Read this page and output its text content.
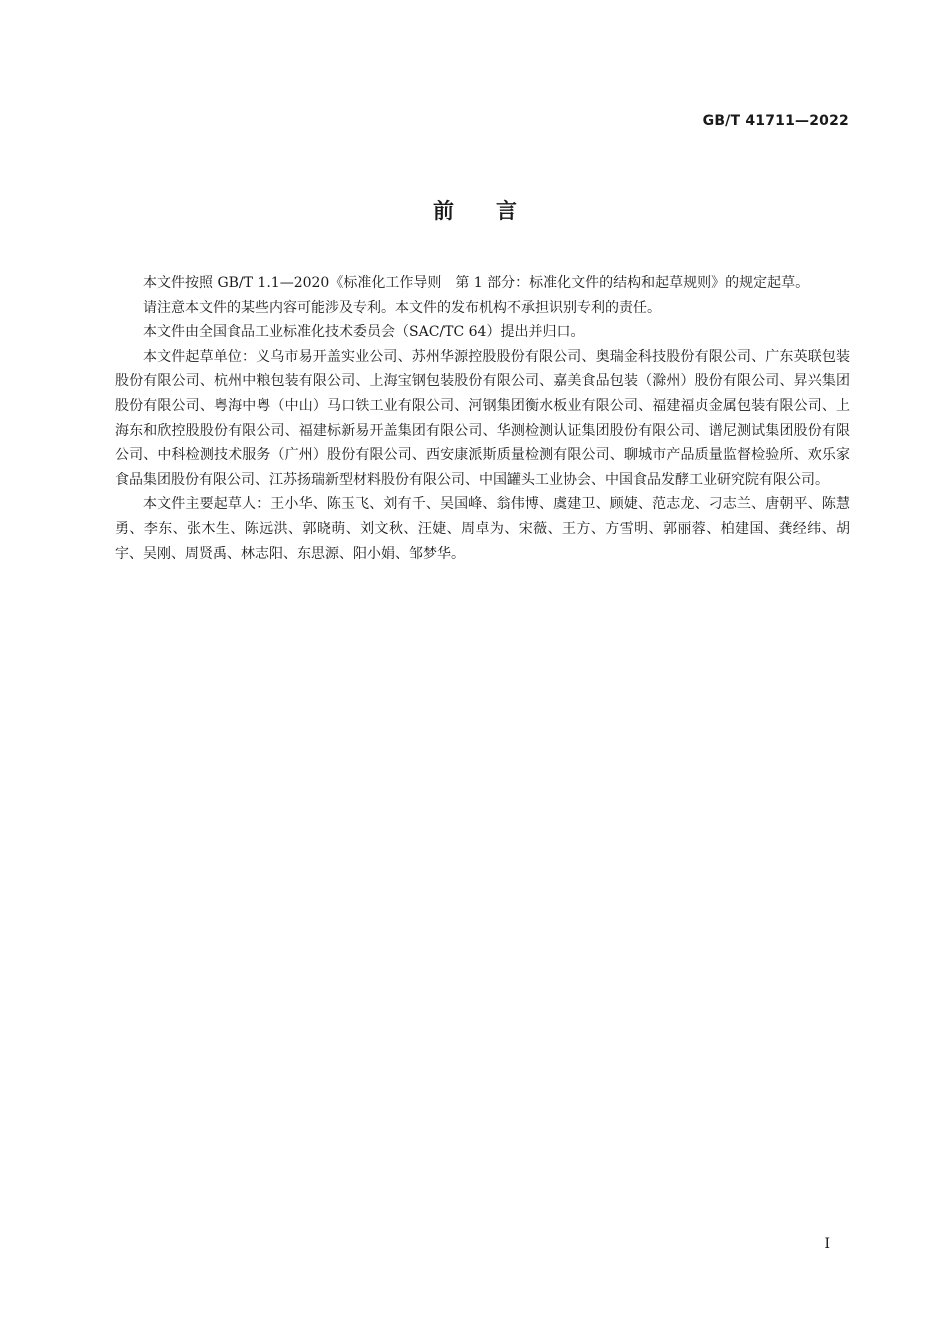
GB/T 41711—2022
前言

本文件按照 GB/T 1.1—2020《标准化工作导则　第 1 部分：标准化文件的结构和起草规则》的规定起草。

请注意本文件的某些内容可能涉及专利。本文件的发布机构不承担识别专利的责任。

本文件由全国食品工业标准化技术委员会（SAC/TC 64）提出并归口。

本文件起草单位：义乌市易开盖实业公司、苏州华源控股股份有限公司、奥瑞金科技股份有限公司、广东英联包装股份有限公司、杭州中粮包装有限公司、上海宝钢包装股份有限公司、嘉美食品包装（滁州）股份有限公司、昇兴集团股份有限公司、粤海中粤（中山）马口铁工业有限公司、河钢集团衡水板业有限公司、福建福贞金属包装有限公司、上海东和欣控股股份有限公司、福建标新易开盖集团有限公司、华测检测认证集团股份有限公司、谱尼测试集团股份有限公司、中科检测技术服务（广州）股份有限公司、西安康派斯质量检测有限公司、聊城市产品质量监督检验所、欢乐家食品集团股份有限公司、江苏扬瑞新型材料股份有限公司、中国罐头工业协会、中国食品发酵工业研究院有限公司。

本文件主要起草人：王小华、陈玉飞、刘有千、吴国峰、翁伟博、虞建卫、顾婕、范志龙、刁志兰、唐朝平、陈慧勇、李东、张木生、陈远洪、郭晓萌、刘文秋、汪婕、周卓为、宋薇、王方、方雪明、郭丽蓉、柏建国、龚经纬、胡宇、吴刚、周贤禹、林志阳、东思源、阳小娟、邹梦华。

I
